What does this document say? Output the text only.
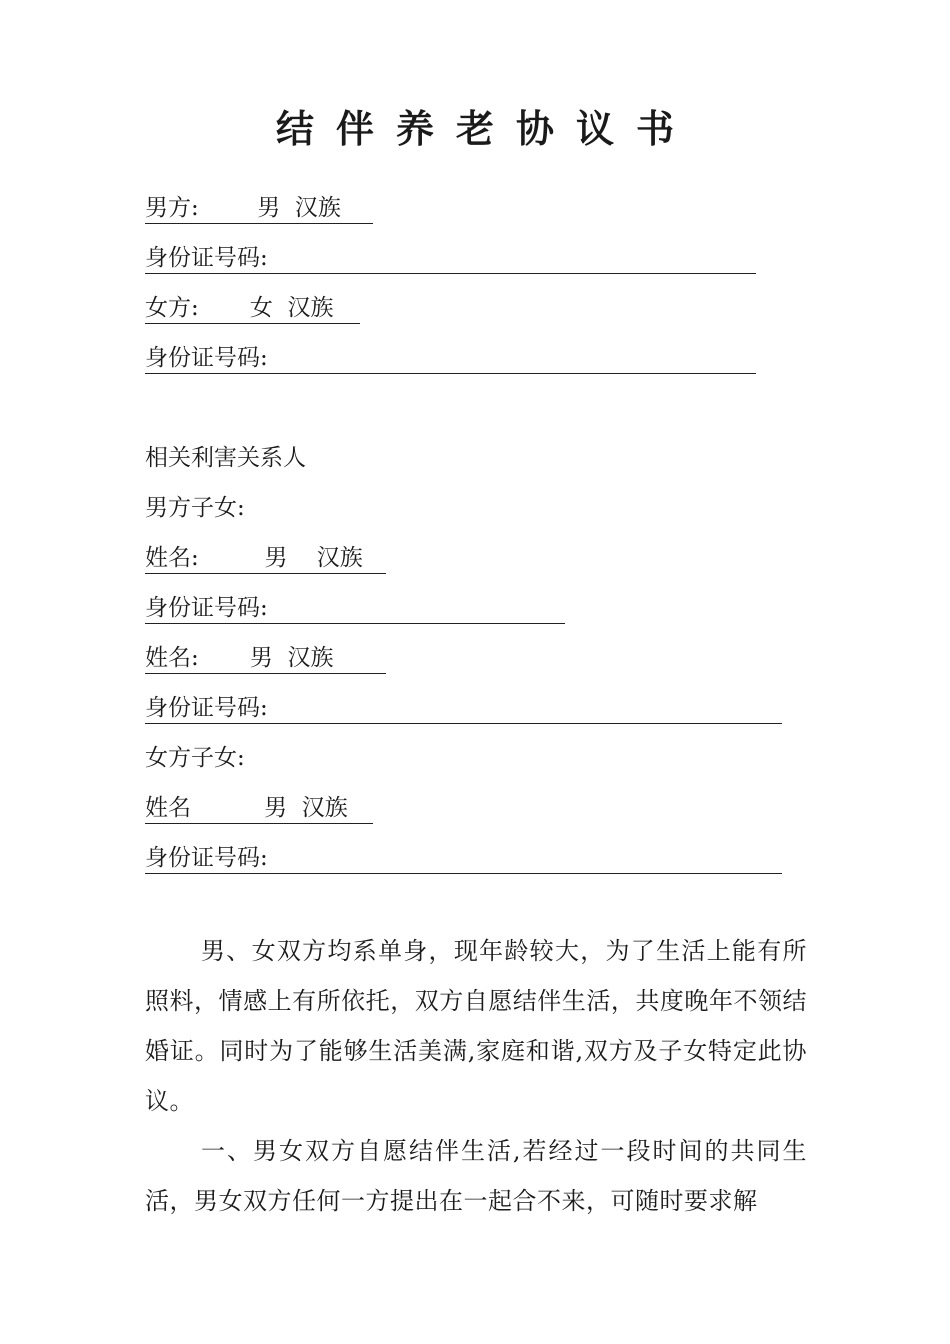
结伴养老协议书
男方:        男  汉族
身份证号码:
女方:       女  汉族
身份证号码:
相关利害关系人
男方子女:
姓名:         男    汉族
身份证号码:
姓名:       男  汉族
身份证号码:
女方子女:
姓名          男  汉族
身份证号码:
男、女双方均系单身，现年龄较大，为了生活上能有所照料，情感上有所依托，双方自愿结伴生活，共度晚年不领结婚证。同时为了能够生活美满,家庭和谐,双方及子女特定此协议。
一、男女双方自愿结伴生活,若经过一段时间的共同生活，男女双方任何一方提出在一起合不来，可随时要求解
